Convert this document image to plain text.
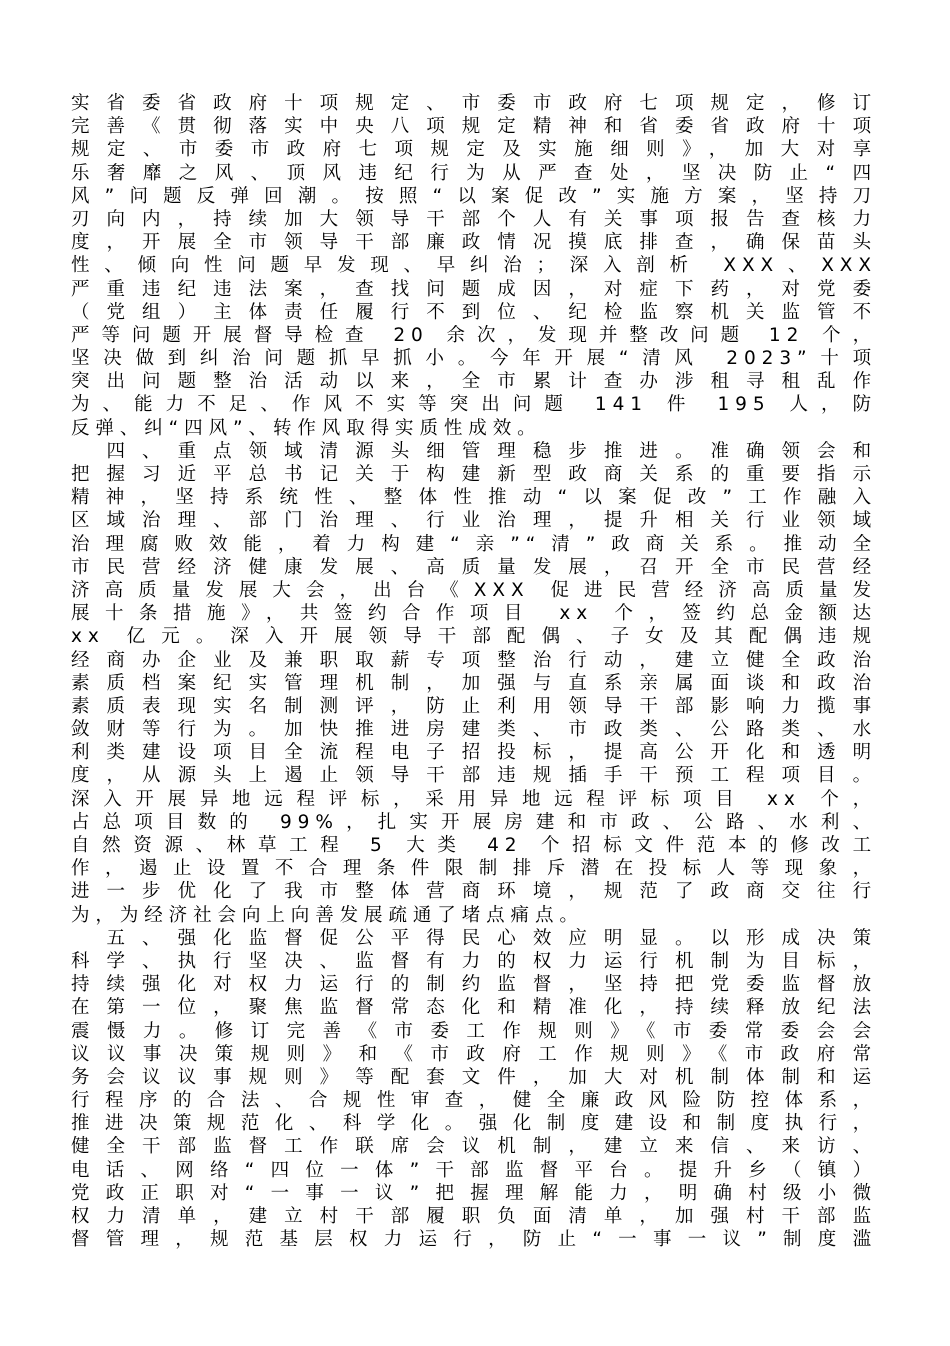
实省委省政府十项规定、市委市政府七项规定，修订
完善《贯彻落实中央八项规定精神和省委省政府十项
规定、市委市政府七项规定及实施细则》，加大对享
乐奢靡之风、顶风违纪行为从严查处，坚决防止“四
风”问题反弹回潮。按照“以案促改”实施方案，坚持刀
刃向内，持续加大领导干部个人有关事项报告查核力
度，开展全市领导干部廉政情况摸底排查，确保苗头
性、倾向性问题早发现、早纠治；深入剖析 XXX、XXX
严重违纪违法案，查找问题成因，对症下药，对党委
（党组）主体责任履行不到位、纪检监察机关监管不
严等问题开展督导检查 20 余次，发现并整改问题 12 个，
坚决做到纠治问题抓早抓小。今年开展“清风 2023”十项
突出问题整治活动以来，全市累计查办涉租寻租乱作
为、能力不足、作风不实等突出问题 141 件 195 人，防
反弹、纠“四风”、转作风取得实质性成效。
　四、重点领域清源头细管理稳步推进。准确领会和
把握习近平总书记关于构建新型政商关系的重要指示
精神，坚持系统性、整体性推动“以案促改”工作融入
区域治理、部门治理、行业治理，提升相关行业领域
治理腐败效能，着力构建“亲”“清”政商关系。推动全
市民营经济健康发展、高质量发展，召开全市民营经
济高质量发展大会，出台《XXX 促进民营经济高质量发
展十条措施》，共签约合作项目 xx 个，签约总金额达
xx 亿元。深入开展领导干部配偶、子女及其配偶违规
经商办企业及兼职取薪专项整治行动，建立健全政治
素质档案纪实管理机制，加强与直系亲属面谈和政治
素质表现实名制测评，防止利用领导干部影响力揽事
敛财等行为。加快推进房建类、市政类、公路类、水
利类建设项目全流程电子招投标，提高公开化和透明
度，从源头上遏止领导干部违规插手干预工程项目。
深入开展异地远程评标，采用异地远程评标项目 xx 个，
占总项目数的 99%，扎实开展房建和市政、公路、水利、
自然资源、林草工程 5 大类 42 个招标文件范本的修改工
作，遏止设置不合理条件限制排斥潜在投标人等现象，
进一步优化了我市整体营商环境，规范了政商交往行
为，为经济社会向上向善发展疏通了堵点痛点。
　五、强化监督促公平得民心效应明显。以形成决策
科学、执行坚决、监督有力的权力运行机制为目标，
持续强化对权力运行的制约监督，坚持把党委监督放
在第一位，聚焦监督常态化和精准化，持续释放纪法
震慑力。修订完善《市委工作规则》《市委常委会会
议议事决策规则》和《市政府工作规则》《市政府常
务会议议事规则》等配套文件，加大对机制体制和运
行程序的合法、合规性审查，健全廉政风险防控体系，
推进决策规范化、科学化。强化制度建设和制度执行，
健全干部监督工作联席会议机制，建立来信、来访、
电话、网络“四位一体”干部监督平台。提升乡（镇）
党政正职对“一事一议”把握理解能力，明确村级小微
权力清单，建立村干部履职负面清单，加强村干部监
督管理，规范基层权力运行，防止“一事一议”制度滥
